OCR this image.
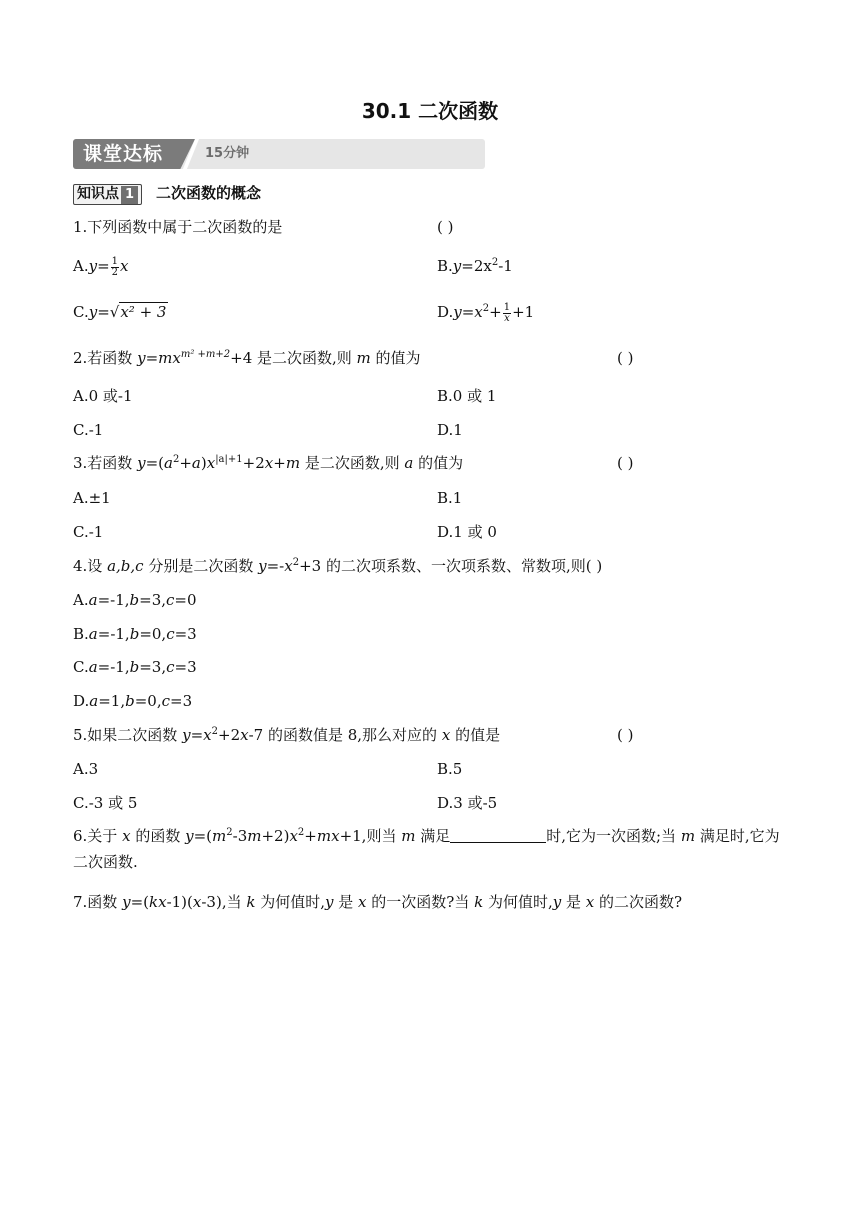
30.1 二次函数
课堂达标	15分钟
知识点 1 二次函数的概念
1.下列函数中属于二次函数的是	( )
$A.y= \frac{1}{2}$ x	$B.y=2x^2-1$
C.y=√x² + 3	$D.y=x^2+ \frac{1}{x} +1$
2.若函数 $y=mx^{m^2 +m+2}+4$ 是二次函数,则 m 的值为	( )
A.0 或-1	B.0 或 1
C.-1	D.1
3.若函数 $y=(a^2+a)x^{|a|+1}+2x+m$ 是二次函数,则 a 的值为	( )
A.±1	B.1
C.-1	D.1 或 0
4.设 a,b,c 分别是二次函数 $y=-x^2+3$ 的二次项系数、一次项系数、常数项,则( )
A.a=-1,b=3,c=0
B.a=-1,b=0,c=3
C.a=-1,b=3,c=3
D.a=1,b=0,c=3
5.如果二次函数 $y=x^2+2x-7$ 的函数值是 8,那么对应的 x 的值是	( )
A.3	B.5
C.-3 或 5	D.3 或-5
6.关于 x 的函数 $y=(m^2-3m+2)x^2+mx+1$,则当 m 满足	时,它为一次函数;当 m 满足时,它为二次函数.
7.函数 y=(kx-1)(x-3),当 k 为何值时,y 是 x 的一次函数?当 k 为何值时,y 是 x 的二次函数?
